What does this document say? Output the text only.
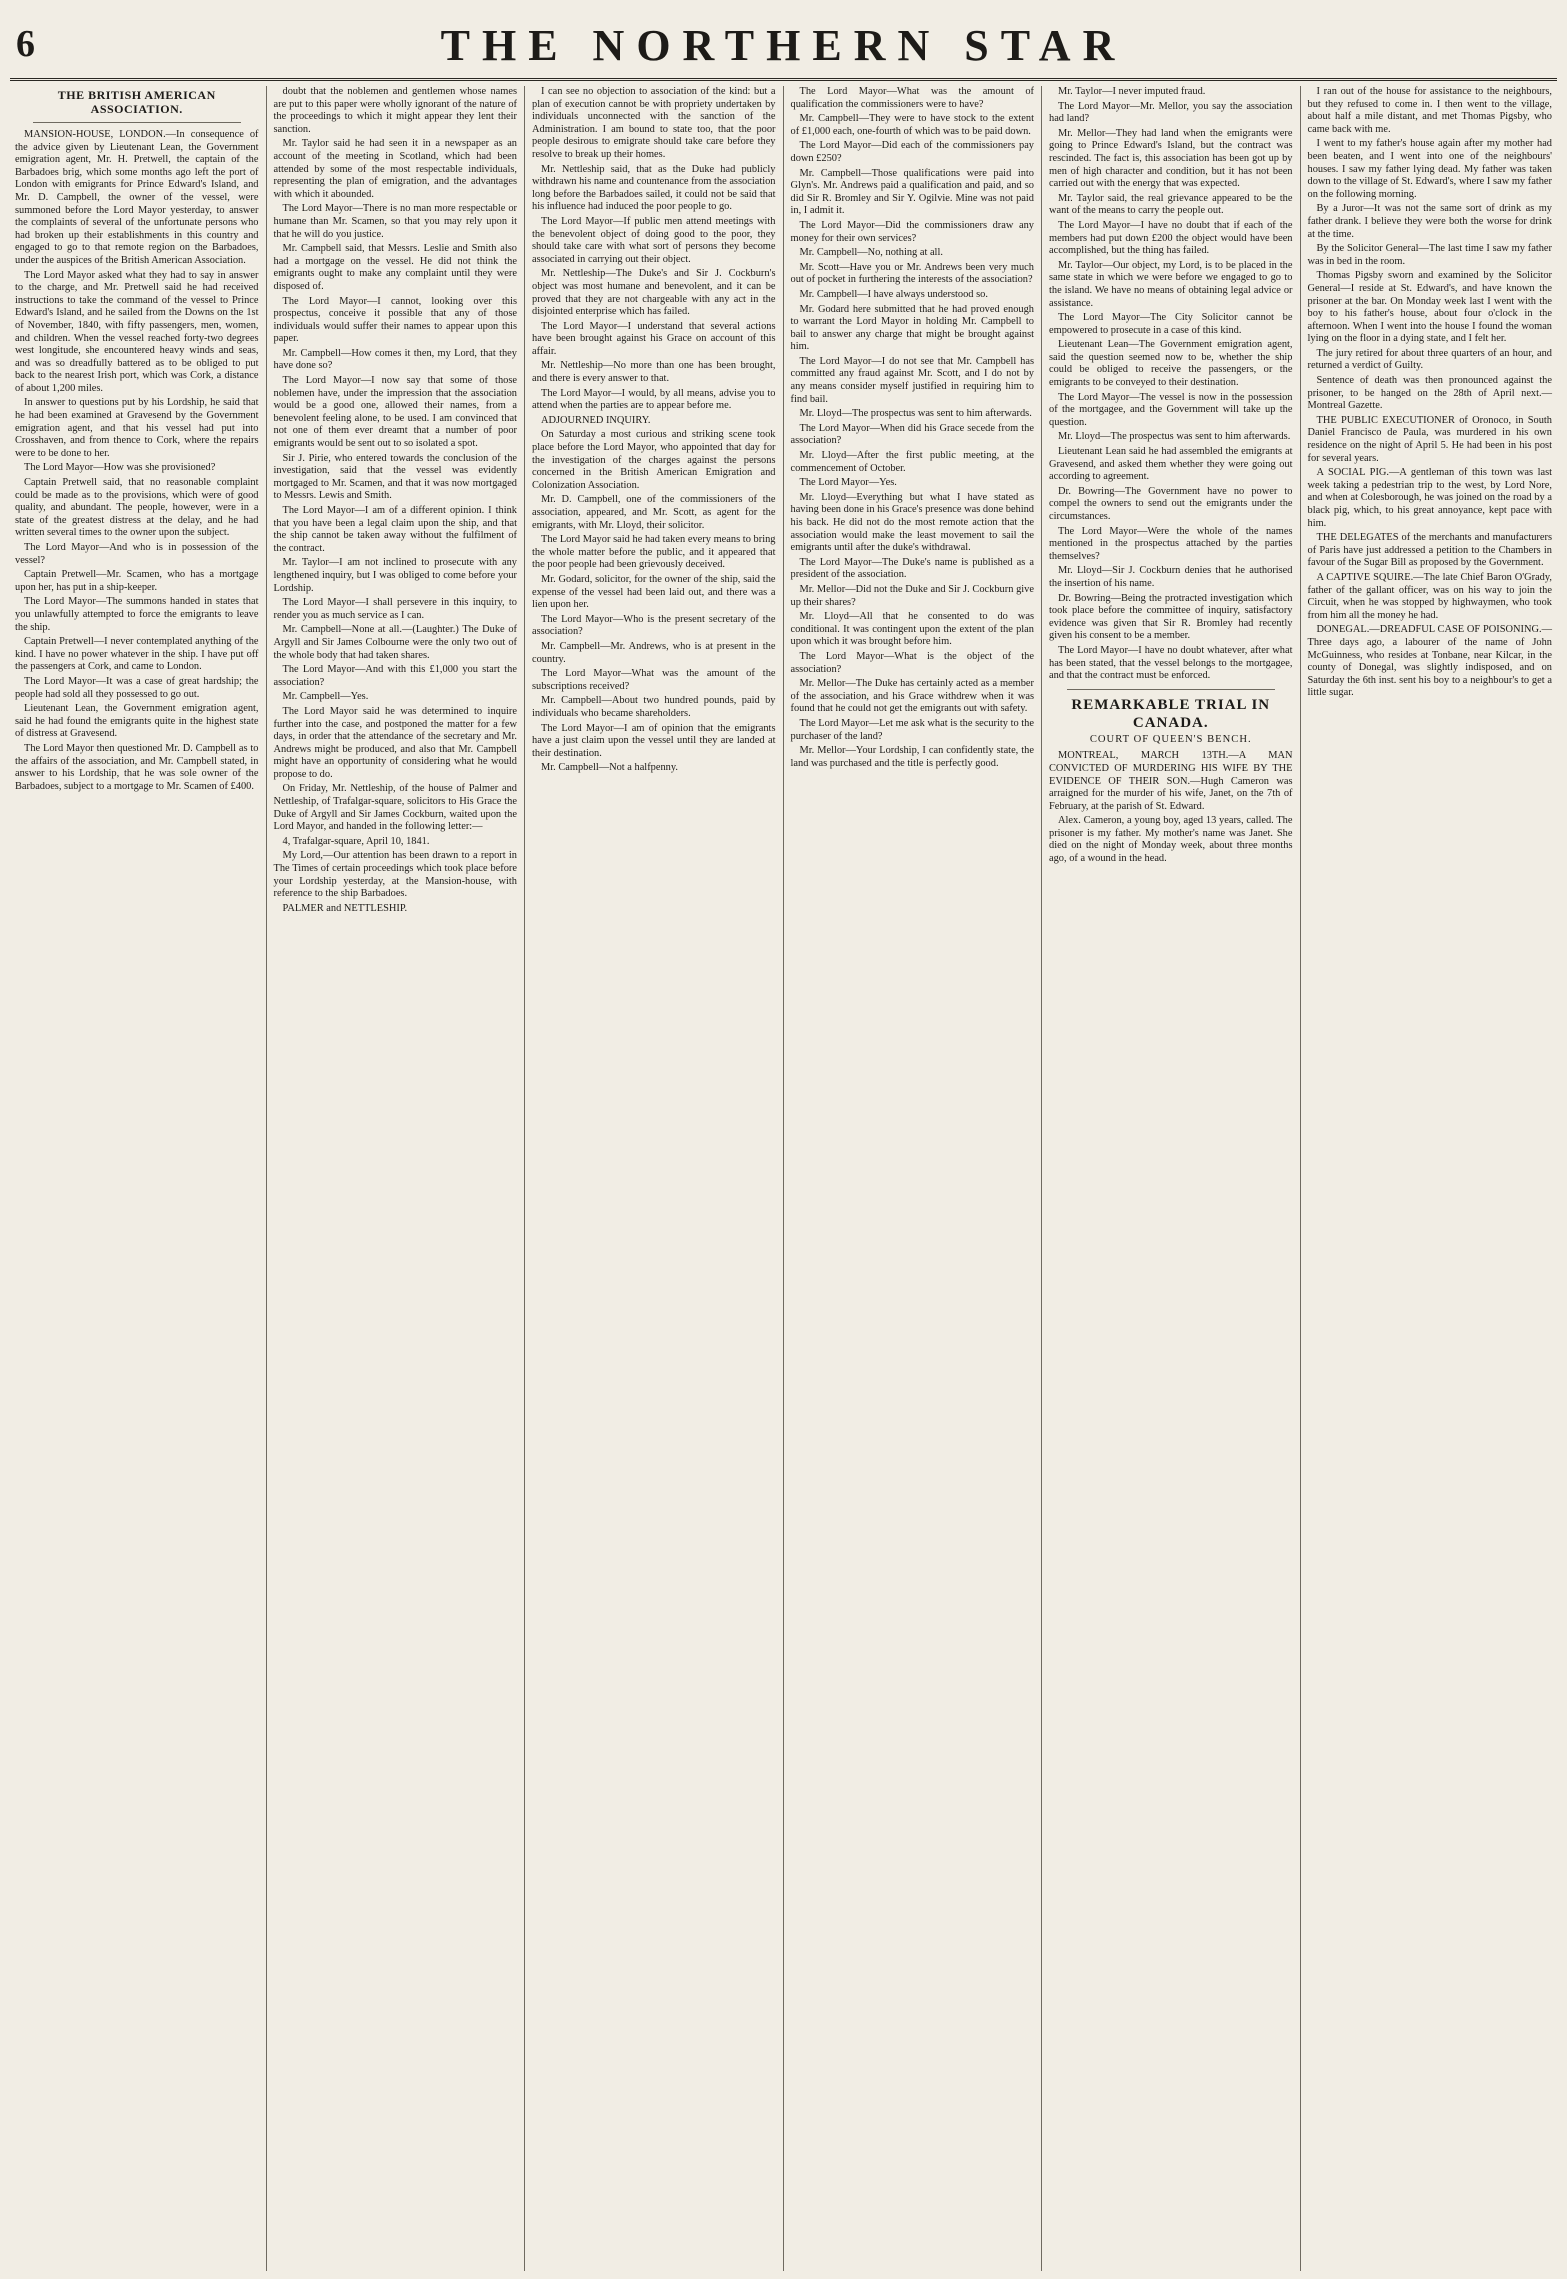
6	THE NORTHERN STAR
THE BRITISH AMERICAN ASSOCIATION.

MANSION-HOUSE, LONDON.—In consequence of the advice given by Lieutenant Lean, the Government emigration agent, Mr. H. Pretwell, the captain of the Barbadoes brig, which some months ago left the port of London with emigrants for Prince Edward's Island, and Mr. D. Campbell, the owner of the vessel, were summoned before the Lord Mayor yesterday, to answer the complaints of several of the unfortunate persons who had broken up their establishments in this country and engaged to go to that remote region on the Barbadoes, under the auspices of the British American Association.

The Lord Mayor asked what they had to say in answer to the charge, and Mr. Pretwell said he had received instructions to take the command of the vessel to Prince Edward's Island, and he sailed from the Downs on the 1st of November, 1840, with fifty passengers, men, women, and children. When the vessel reached forty-two degrees west longitude, she encountered heavy winds and seas, and was so dreadfully battered as to be obliged to put back to the nearest Irish port, which was Cork, a distance of about 1,200 miles.

In answer to questions put by his Lordship, he said that he had been examined at Gravesend by the Government emigration agent, and that his vessel had put into Crosshaven, and from thence to Cork, where the repairs were to be done to her.

The Lord Mayor—How was she provisioned?

Captain Pretwell said, that no reasonable complaint could be made as to the provisions, which were of good quality, and abundant. The people, however, were in a state of the greatest distress at the delay, and he had written several times to the owner upon the subject.

The Lord Mayor—And who is in possession of the vessel?

Captain Pretwell—Mr. Scamen, who has a mortgage upon her, has put in a ship-keeper.

The Lord Mayor—The summons handed in states that you unlawfully attempted to force the emigrants to leave the ship.

Captain Pretwell—I never contemplated anything of the kind. I have no power whatever in the ship. I have put off the passengers at Cork, and came to London.

The Lord Mayor—It was a case of great hardship; the people had sold all they possessed to go out.

Lieutenant Lean, the Government emigration agent, said he had found the emigrants quite in the highest state of distress at Gravesend.

The Lord Mayor then questioned Mr. D. Campbell as to the affairs of the association, and Mr. Campbell stated, in answer to his Lordship, that he was sole owner of the Barbadoes, subject to a mortgage to Mr. Scamen of £400.

doubt that the noblemen and gentlemen whose names are put to this paper were wholly ignorant of the nature of the proceedings to which it might appear they lent their sanction.

Mr. Taylor said he had seen it in a newspaper as an account of the meeting in Scotland, which had been attended by some of the most respectable individuals, representing the plan of emigration, and the advantages with which it abounded.

The Lord Mayor—There is no man more respectable or humane than Mr. Scamen, so that you may rely upon it that he will do you justice.

Mr. Campbell said, that Messrs. Leslie and Smith also had a mortgage on the vessel. He did not think the emigrants ought to make any complaint until they were disposed of.

The Lord Mayor—I cannot, looking over this prospectus, conceive it possible that any of those individuals would suffer their names to appear upon this paper.

Mr. Campbell—How comes it then, my Lord, that they have done so?

The Lord Mayor—I now say that some of those noblemen have, under the impression that the association would be a good one, allowed their names, from a benevolent feeling alone, to be used. I am convinced that not one of them ever dreamt that a number of poor emigrants would be sent out to so isolated a spot.

Sir J. Pirie, who entered towards the conclusion of the investigation, said that the vessel was evidently mortgaged to Mr. Scamen, and that it was now mortgaged to Messrs. Lewis and Smith.

The Lord Mayor—I am of a different opinion. I think that you have been a legal claim upon the ship, and that the ship cannot be taken away without the fulfilment of the contract.

Mr. Taylor—I am not inclined to prosecute with any lengthened inquiry, but I was obliged to come before your Lordship.

The Lord Mayor—I shall persevere in this inquiry, to render you as much service as I can.

Mr. Campbell—None at all.—(Laughter.) The Duke of Argyll and Sir James Colbourne were the only two out of the whole body that had taken shares.

The Lord Mayor—And with this £1,000 you start the association?

Mr. Campbell—Yes.

The Lord Mayor said he was determined to inquire further into the case, and postponed the matter for a few days, in order that the attendance of the secretary and Mr. Andrews might be produced, and also that Mr. Campbell might have an opportunity of considering what he would propose to do.

On Friday, Mr. Nettleship, of the house of Palmer and Nettleship, of Trafalgar-square, solicitors to His Grace the Duke of Argyll and Sir James Cockburn, waited upon the Lord Mayor, and handed in the following letter:—

4, Trafalgar-square, April 10, 1841.

My Lord,—Our attention has been drawn to a report in The Times of certain proceedings which took place before your Lordship yesterday, at the Mansion-house, with reference to the ship Barbadoes.

PALMER and NETTLESHIP.

I can see no objection to association of the kind: but a plan of execution cannot be with propriety undertaken by individuals unconnected with the sanction of the Administration. I am bound to state too, that the poor people desirous to emigrate should take care before they resolve to break up their homes.

Mr. Nettleship said, that as the Duke had publicly withdrawn his name and countenance from the association long before the Barbadoes sailed, it could not be said that his influence had induced the poor people to go.

The Lord Mayor—If public men attend meetings with the benevolent object of doing good to the poor, they should take care with what sort of persons they become associated in carrying out their object.

Mr. Nettleship—The Duke's and Sir J. Cockburn's object was most humane and benevolent, and it can be proved that they are not chargeable with any act in the disjointed enterprise which has failed.

The Lord Mayor—I understand that several actions have been brought against his Grace on account of this affair.

Mr. Nettleship—No more than one has been brought, and there is every answer to that.

The Lord Mayor—I would, by all means, advise you to attend when the parties are to appear before me.

ADJOURNED INQUIRY.

On Saturday a most curious and striking scene took place before the Lord Mayor, who appointed that day for the investigation of the charges against the persons concerned in the British American Emigration and Colonization Association.

Mr. D. Campbell, one of the commissioners of the association, appeared, and Mr. Scott, as agent for the emigrants, with Mr. Lloyd, their solicitor.

The Lord Mayor said he had taken every means to bring the whole matter before the public, and it appeared that the poor people had been grievously deceived.

Mr. Godard, solicitor, for the owner of the ship, said the expense of the vessel had been laid out, and there was a lien upon her.

The Lord Mayor—Who is the present secretary of the association?

Mr. Campbell—Mr. Andrews, who is at present in the country.

The Lord Mayor—What was the amount of the subscriptions received?

Mr. Campbell—About two hundred pounds, paid by individuals who became shareholders.

The Lord Mayor—I am of opinion that the emigrants have a just claim upon the vessel until they are landed at their destination.

Mr. Campbell—Not a halfpenny.

The Lord Mayor—What was the amount of qualification the commissioners were to have?

Mr. Campbell—They were to have stock to the extent of £1,000 each, one-fourth of which was to be paid down.

The Lord Mayor—Did each of the commissioners pay down £250?

Mr. Campbell—Those qualifications were paid into Glyn's. Mr. Andrews paid a qualification and paid, and so did Sir R. Bromley and Sir Y. Ogilvie. Mine was not paid in, I admit it.

The Lord Mayor—Did the commissioners draw any money for their own services?

Mr. Campbell—No, nothing at all.

Mr. Scott—Have you or Mr. Andrews been very much out of pocket in furthering the interests of the association?

Mr. Campbell—I have always understood so.

Mr. Godard here submitted that he had proved enough to warrant the Lord Mayor in holding Mr. Campbell to bail to answer any charge that might be brought against him.

The Lord Mayor—I do not see that Mr. Campbell has committed any fraud against Mr. Scott, and I do not by any means consider myself justified in requiring him to find bail.

Mr. Lloyd—The prospectus was sent to him afterwards.

The Lord Mayor—When did his Grace secede from the association?

Mr. Lloyd—After the first public meeting, at the commencement of October.

The Lord Mayor—Yes.

Mr. Lloyd—Everything but what I have stated as having been done in his Grace's presence was done behind his back. He did not do the most remote action that the association would make the least movement to sail the emigrants until after the duke's withdrawal.

The Lord Mayor—The Duke's name is published as a president of the association.

Mr. Mellor—Did not the Duke and Sir J. Cockburn give up their shares?

Mr. Lloyd—All that he consented to do was conditional. It was contingent upon the extent of the plan upon which it was brought before him.

The Lord Mayor—What is the object of the association?

Mr. Mellor—The Duke has certainly acted as a member of the association, and his Grace withdrew when it was found that he could not get the emigrants out with safety.

The Lord Mayor—Let me ask what is the security to the purchaser of the land?

Mr. Mellor—Your Lordship, I can confidently state, the land was purchased and the title is perfectly good.

Mr. Taylor—I never imputed fraud.

The Lord Mayor—Mr. Mellor, you say the association had land?

Mr. Mellor—They had land when the emigrants were going to Prince Edward's Island, but the contract was rescinded. The fact is, this association has been got up by men of high character and condition, but it has not been carried out with the energy that was expected.

Mr. Taylor said, the real grievance appeared to be the want of the means to carry the people out.

The Lord Mayor—I have no doubt that if each of the members had put down £200 the object would have been accomplished, but the thing has failed.

Mr. Taylor—Our object, my Lord, is to be placed in the same state in which we were before we engaged to go to the island. We have no means of obtaining legal advice or assistance.

The Lord Mayor—The City Solicitor cannot be empowered to prosecute in a case of this kind.

Lieutenant Lean—The Government emigration agent, said the question seemed now to be, whether the ship could be obliged to receive the passengers, or the emigrants to be conveyed to their destination.

The Lord Mayor—The vessel is now in the possession of the mortgagee, and the Government will take up the question.

Mr. Lloyd—The prospectus was sent to him afterwards.

Lieutenant Lean said he had assembled the emigrants at Gravesend, and asked them whether they were going out according to agreement.

Dr. Bowring—The Government have no power to compel the owners to send out the emigrants under the circumstances.

The Lord Mayor—Were the whole of the names mentioned in the prospectus attached by the parties themselves?

Mr. Lloyd—Sir J. Cockburn denies that he authorised the insertion of his name.

Dr. Bowring—Being the protracted investigation which took place before the committee of inquiry, satisfactory evidence was given that Sir R. Bromley had recently given his consent to be a member.

The Lord Mayor—I have no doubt whatever, after what has been stated, that the vessel belongs to the mortgagee, and that the contract must be enforced.

REMARKABLE TRIAL IN CANADA.
COURT OF QUEEN'S BENCH.

MONTREAL, MARCH 13TH.—A MAN CONVICTED OF MURDERING HIS WIFE BY THE EVIDENCE OF THEIR SON.—Hugh Cameron was arraigned for the murder of his wife, Janet, on the 7th of February, at the parish of St. Edward.

Alex. Cameron, a young boy, aged 13 years, called. The prisoner is my father. My mother's name was Janet. She died on the night of Monday week, about three months ago, of a wound in the head.

I ran out of the house for assistance to the neighbours, but they refused to come in. I then went to the village, about half a mile distant, and met Thomas Pigsby, who came back with me.

I went to my father's house again after my mother had been beaten, and I went into one of the neighbours' houses. I saw my father lying dead. My father was taken down to the village of St. Edward's, where I saw my father on the following morning.

By a Juror—It was not the same sort of drink as my father drank. I believe they were both the worse for drink at the time.

By the Solicitor General—The last time I saw my father was in bed in the room.

Thomas Pigsby sworn and examined by the Solicitor General—I reside at St. Edward's, and have known the prisoner at the bar. On Monday week last I went with the boy to his father's house, about four o'clock in the afternoon. When I went into the house I found the woman lying on the floor in a dying state, and I felt her.

The jury retired for about three quarters of an hour, and returned a verdict of Guilty.

Sentence of death was then pronounced against the prisoner, to be hanged on the 28th of April next.—Montreal Gazette.

THE PUBLIC EXECUTIONER of Oronoco, in South Daniel Francisco de Paula, was murdered in his own residence on the night of April 5. He had been in his post for several years.

A SOCIAL PIG.—A gentleman of this town was last week taking a pedestrian trip to the west, by Lord Nore, and when at Colesborough, he was joined on the road by a black pig, which, to his great annoyance, kept pace with him.

THE DELEGATES of the merchants and manufacturers of Paris have just addressed a petition to the Chambers in favour of the Sugar Bill as proposed by the Government.

A CAPTIVE SQUIRE.—The late Chief Baron O'Grady, father of the gallant officer, was on his way to join the Circuit, when he was stopped by highwaymen, who took from him all the money he had.

DONEGAL.—DREADFUL CASE OF POISONING.—Three days ago, a labourer of the name of John McGuinness, who resides at Tonbane, near Kilcar, in the county of Donegal, was slightly indisposed, and on Saturday the 6th inst. sent his boy to a neighbour's to get a little sugar.
